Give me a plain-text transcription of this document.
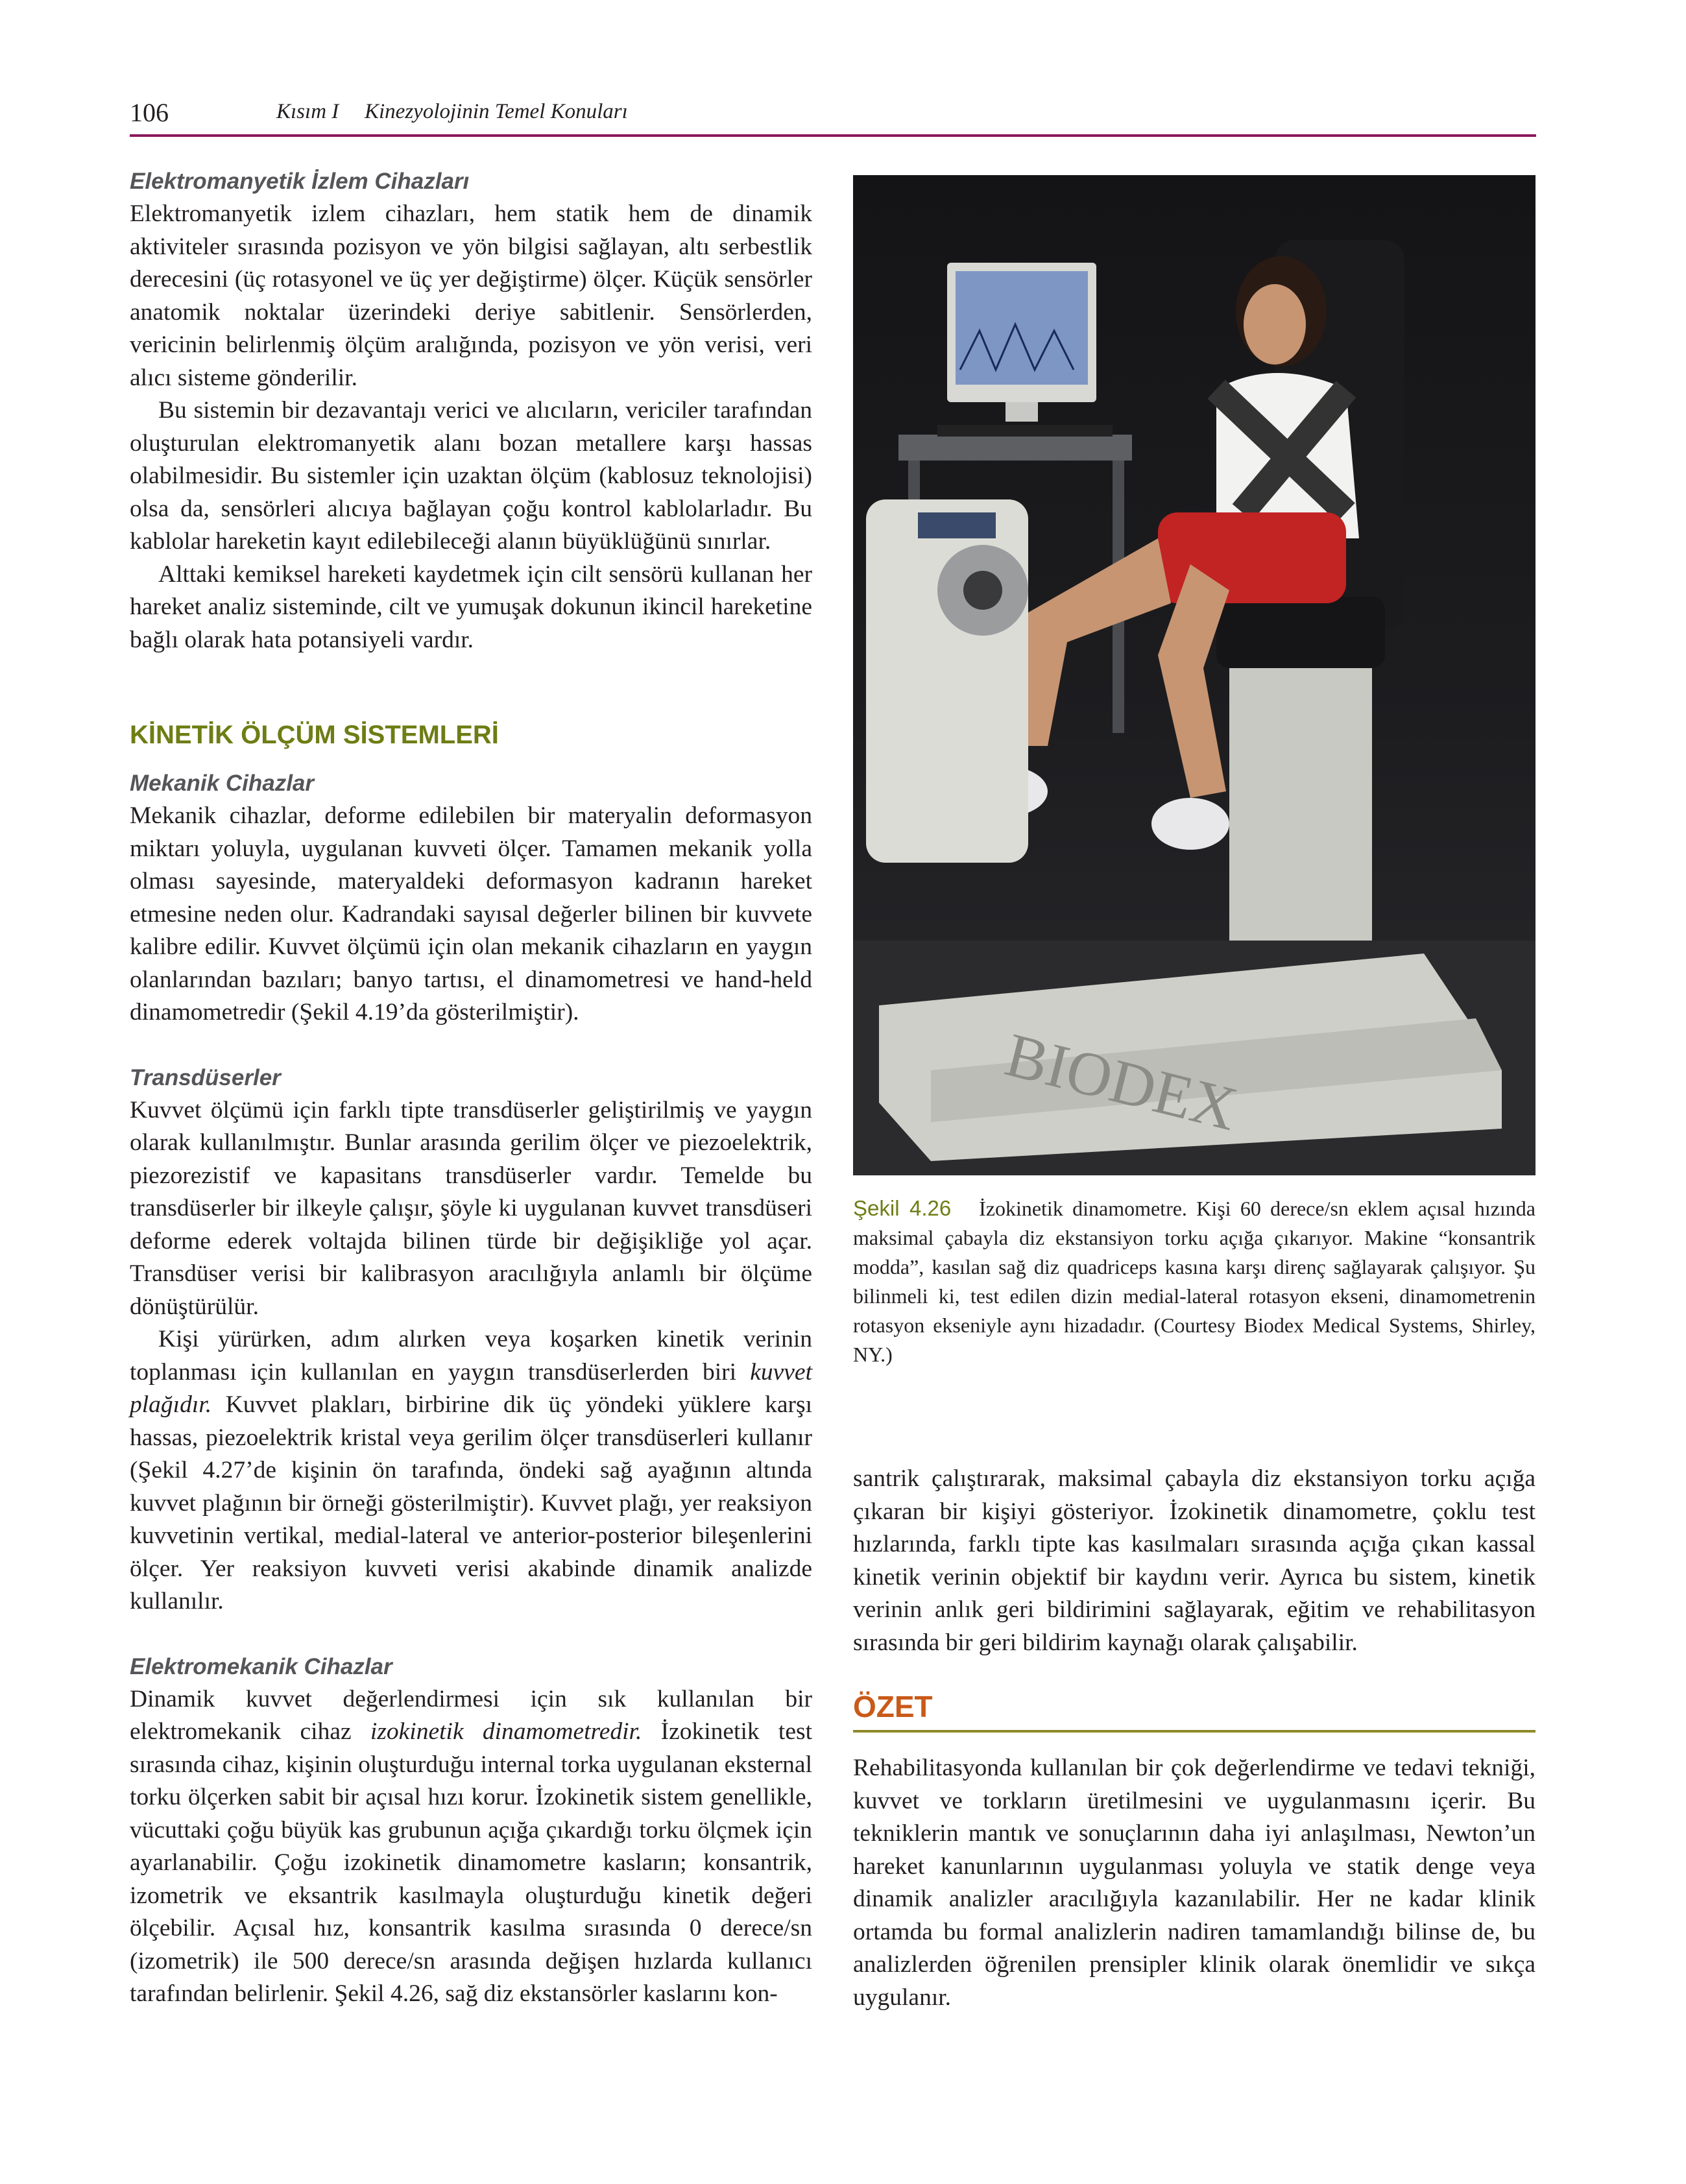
106	Kısım I Kinezyolojinin Temel Konuları
Elektromanyetik İzlem Cihazları

Elektromanyetik izlem cihazları, hem statik hem de dinamik aktiviteler sırasında pozisyon ve yön bilgisi sağlayan, altı serbestlik derecesini (üç rotasyonel ve üç yer değiştirme) ölçer. Küçük sensörler anatomik noktalar üzerindeki deriye sabitlenir. Sensörlerden, vericinin belirlenmiş ölçüm aralığında, pozisyon ve yön verisi, veri alıcı sisteme gönderilir.

Bu sistemin bir dezavantajı verici ve alıcıların, vericiler tarafından oluşturulan elektromanyetik alanı bozan metallere karşı hassas olabilmesidir. Bu sistemler için uzaktan ölçüm (kablosuz teknolojisi) olsa da, sensörleri alıcıya bağlayan çoğu kontrol kablolarladır. Bu kablolar hareketin kayıt edilebileceği alanın büyüklüğünü sınırlar.

Alttaki kemiksel hareketi kaydetmek için cilt sensörü kullanan her hareket analiz sisteminde, cilt ve yumuşak dokunun ikincil hareketine bağlı olarak hata potansiyeli vardır.

KİNETİK ÖLÇÜM SİSTEMLERİ
Mekanik Cihazlar

Mekanik cihazlar, deforme edilebilen bir materyalin deformasyon miktarı yoluyla, uygulanan kuvveti ölçer. Tamamen mekanik yolla olması sayesinde, materyaldeki deformasyon kadranın hareket etmesine neden olur. Kadrandaki sayısal değerler bilinen bir kuvvete kalibre edilir. Kuvvet ölçümü için olan mekanik cihazların en yaygın olanlarından bazıları; banyo tartısı, el dinamometresi ve hand-held dinamometredir (Şekil 4.19’da gösterilmiştir).

Transdüserler

Kuvvet ölçümü için farklı tipte transdüserler geliştirilmiş ve yaygın olarak kullanılmıştır. Bunlar arasında gerilim ölçer ve piezoelektrik, piezorezistif ve kapasitans transdüserler vardır. Temelde bu transdüserler bir ilkeyle çalışır, şöyle ki uygulanan kuvvet transdüseri deforme ederek voltajda bilinen türde bir değişikliğe yol açar. Transdüser verisi bir kalibrasyon aracılığıyla anlamlı bir ölçüme dönüştürülür.

Kişi yürürken, adım alırken veya koşarken kinetik verinin toplanması için kullanılan en yaygın transdüserlerden biri kuvvet plağıdır. Kuvvet plakları, birbirine dik üç yöndeki yüklere karşı hassas, piezoelektrik kristal veya gerilim ölçer transdüserleri kullanır (Şekil 4.27’de kişinin ön tarafında, öndeki sağ ayağının altında kuvvet plağının bir örneği gösterilmiştir). Kuvvet plağı, yer reaksiyon kuvvetinin vertikal, medial-lateral ve anterior-posterior bileşenlerini ölçer. Yer reaksiyon kuvveti verisi akabinde dinamik analizde kullanılır.

Elektromekanik Cihazlar

Dinamik kuvvet değerlendirmesi için sık kullanılan bir elektromekanik cihaz izokinetik dinamometredir. İzokinetik test sırasında cihaz, kişinin oluşturduğu internal torka uygulanan eksternal torku ölçerken sabit bir açısal hızı korur. İzokinetik sistem genellikle, vücuttaki çoğu büyük kas grubunun açığa çıkardığı torku ölçmek için ayarlanabilir. Çoğu izokinetik dinamometre kasların; konsantrik, izometrik ve eksantrik kasılmayla oluşturduğu kinetik değeri ölçebilir. Açısal hız, konsantrik kasılma sırasında 0 derece/sn (izometrik) ile 500 derece/sn arasında değişen hızlarda kullanıcı tarafından belirlenir. Şekil 4.26, sağ diz ekstansörler kaslarını kon-

BIODEX

Şekil 4.26 İzokinetik dinamometre. Kişi 60 derece/sn eklem açısal hızında maksimal çabayla diz ekstansiyon torku açığa çıkarıyor. Makine “konsantrik modda”, kasılan sağ diz quadriceps kasına karşı direnç sağlayarak çalışıyor. Şu bilinmeli ki, test edilen dizin medial-lateral rotasyon ekseni, dinamometrenin rotasyon ekseniyle aynı hizadadır. (Courtesy Biodex Medical Systems, Shirley, NY.)

santrik çalıştırarak, maksimal çabayla diz ekstansiyon torku açığa çıkaran bir kişiyi gösteriyor. İzokinetik dinamometre, çoklu test hızlarında, farklı tipte kas kasılmaları sırasında açığa çıkan kassal kinetik verinin objektif bir kaydını verir. Ayrıca bu sistem, kinetik verinin anlık geri bildirimini sağlayarak, eğitim ve rehabilitasyon sırasında bir geri bildirim kaynağı olarak çalışabilir.

ÖZET

Rehabilitasyonda kullanılan bir çok değerlendirme ve tedavi tekniği, kuvvet ve torkların üretilmesini ve uygulanmasını içerir. Bu tekniklerin mantık ve sonuçlarının daha iyi anlaşılması, Newton’un hareket kanunlarının uygulanması yoluyla ve statik denge veya dinamik analizler aracılığıyla kazanılabilir. Her ne kadar klinik ortamda bu formal analizlerin nadiren tamamlandığı bilinse de, bu analizlerden öğrenilen prensipler klinik olarak önemlidir ve sıkça uygulanır.
